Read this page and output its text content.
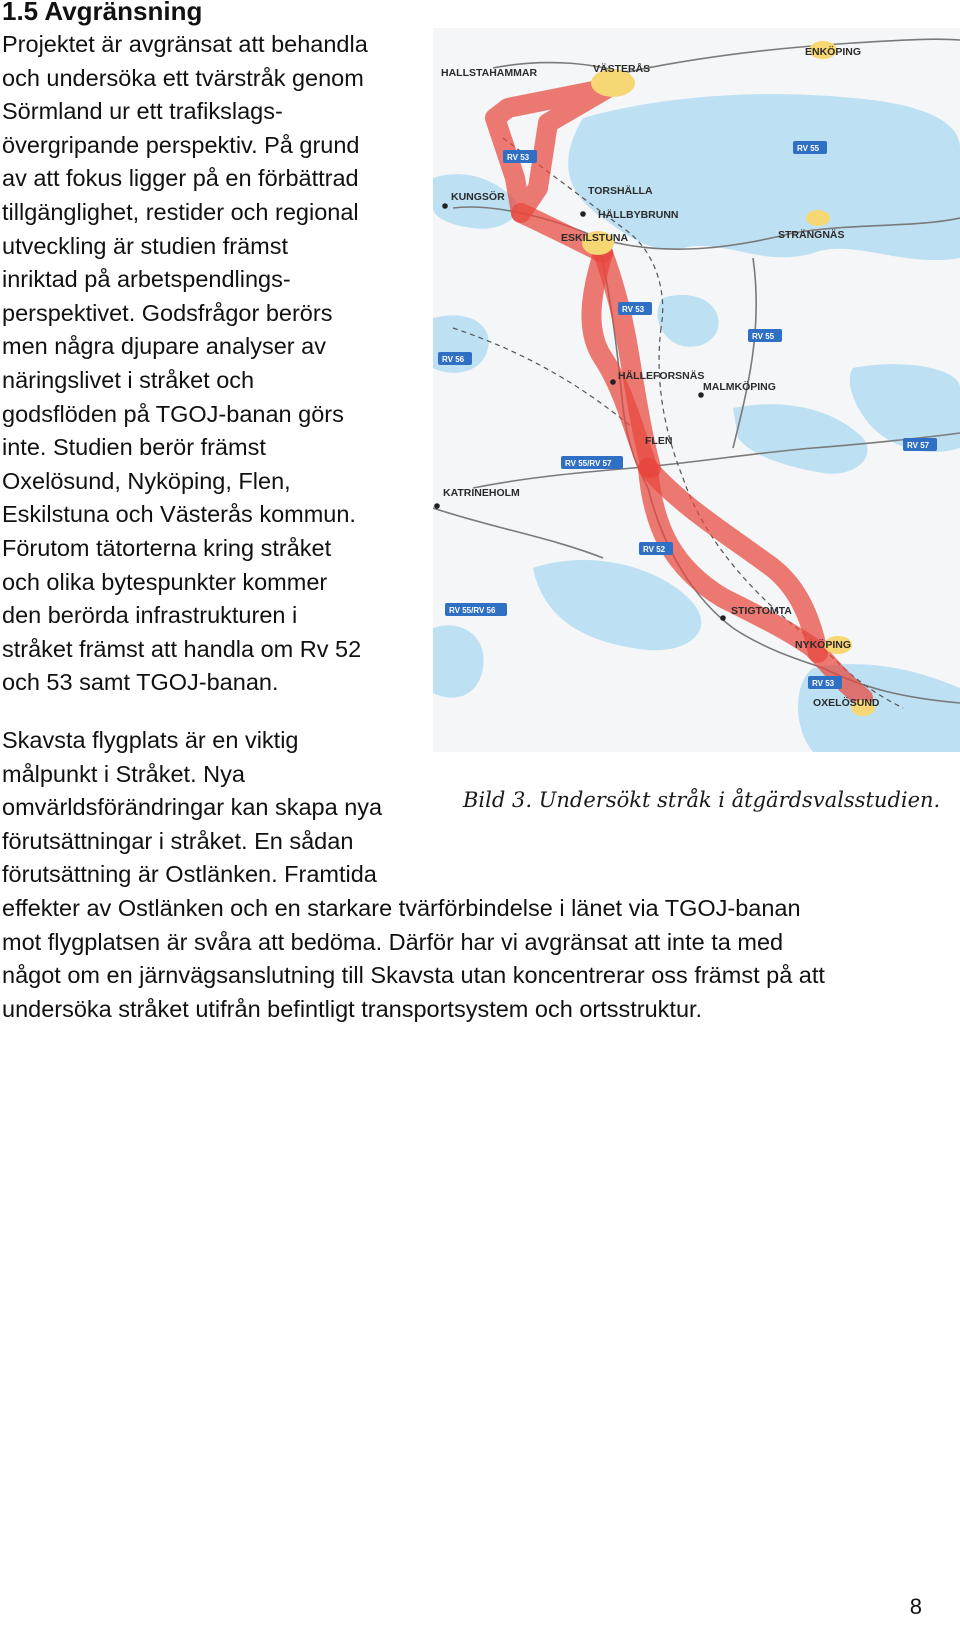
1.5 Avgränsning
Projektet är avgränsat att behandla
och undersöka ett tvärstråk genom
Sörmland ur ett trafikslags-
övergripande perspektiv. På grund
av att fokus ligger på en förbättrad
tillgänglighet, restider och regional
utveckling är studien främst
inriktad på arbetspendlings-
perspektivet. Godsfrågor berörs
men några djupare analyser av
näringslivet i stråket och
godsflöden på TGOJ-banan görs
inte. Studien berör främst
Oxelösund, Nyköping, Flen,
Eskilstuna och Västerås kommun.
Förutom tätorterna kring stråket
och olika bytespunkter kommer
den berörda infrastrukturen i
stråket främst att handla om Rv 52
och 53 samt TGOJ-banan.
HALLSTAHAMMAR	VÄSTERÅS
ENKÖPING
KUNGSÖR	TORSHÄLLA
HÄLLBYBRUNN
ESKILSTUNA	STRÄNGNÄS
HÄLLEFORSNÄS
MALMKÖPING
FLEN
KATRINEHOLM
STIGTOMTA
NYKÖPING
OXELÖSUND
RV 53
RV 55
RV 53
RV 55
RV 56
RV 57
RV 55/RV 57
RV 52
RV 55/RV 56
RV 53

Bild 3. Undersökt stråk i åtgärdsvalsstudien.

Skavsta flygplats är en viktig
målpunkt i Stråket. Nya
omvärldsförändringar kan skapa nya
förutsättningar i stråket. En sådan
förutsättning är Ostlänken. Framtida
effekter av Ostlänken och en starkare tvärförbindelse i länet via TGOJ-banan
mot flygplatsen är svåra att bedöma. Därför har vi avgränsat att inte ta med
något om en järnvägsanslutning till Skavsta utan koncentrerar oss främst på att
undersöka stråket utifrån befintligt transportsystem och ortsstruktur.
8
